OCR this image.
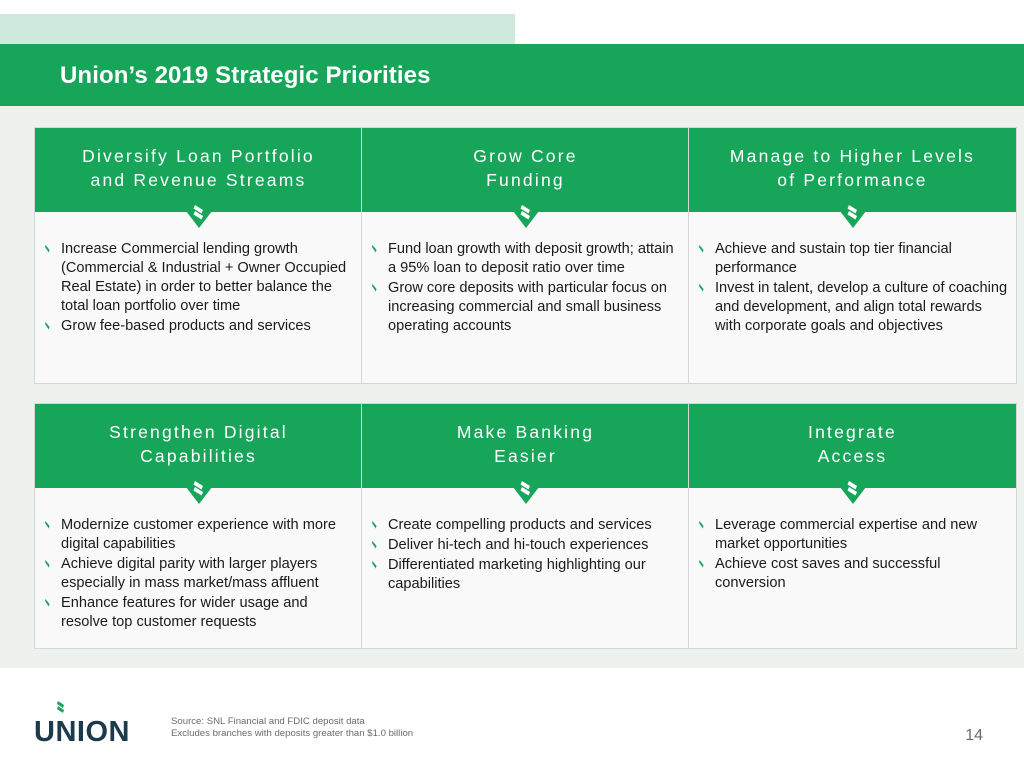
Union’s 2019 Strategic Priorities
Diversify Loan Portfolio
and Revenue Streams
Increase Commercial lending growth (Commercial & Industrial + Owner Occupied Real Estate) in order to better balance the total loan portfolio over time
Grow fee-based products and services
Grow Core
Funding
Fund loan growth with deposit growth; attain a 95% loan to deposit ratio over time
Grow core deposits with particular focus on increasing commercial and small business operating accounts
Manage to Higher Levels
of Performance
Achieve and sustain top tier financial performance
Invest in talent, develop a culture of coaching and development, and align total rewards with corporate goals and objectives
Strengthen Digital
Capabilities
Modernize customer experience with more digital capabilities
Achieve digital parity with larger players especially in mass market/mass affluent
Enhance features for wider usage and resolve top customer requests
Make Banking
Easier
Create compelling products and services
Deliver hi-tech and hi-touch experiences
Differentiated marketing highlighting our capabilities
Integrate
Access
Leverage commercial expertise and new market opportunities
Achieve cost saves and successful conversion
UNION	Source: SNL Financial and FDIC deposit data
Excludes branches with deposits greater than $1.0 billion	14
